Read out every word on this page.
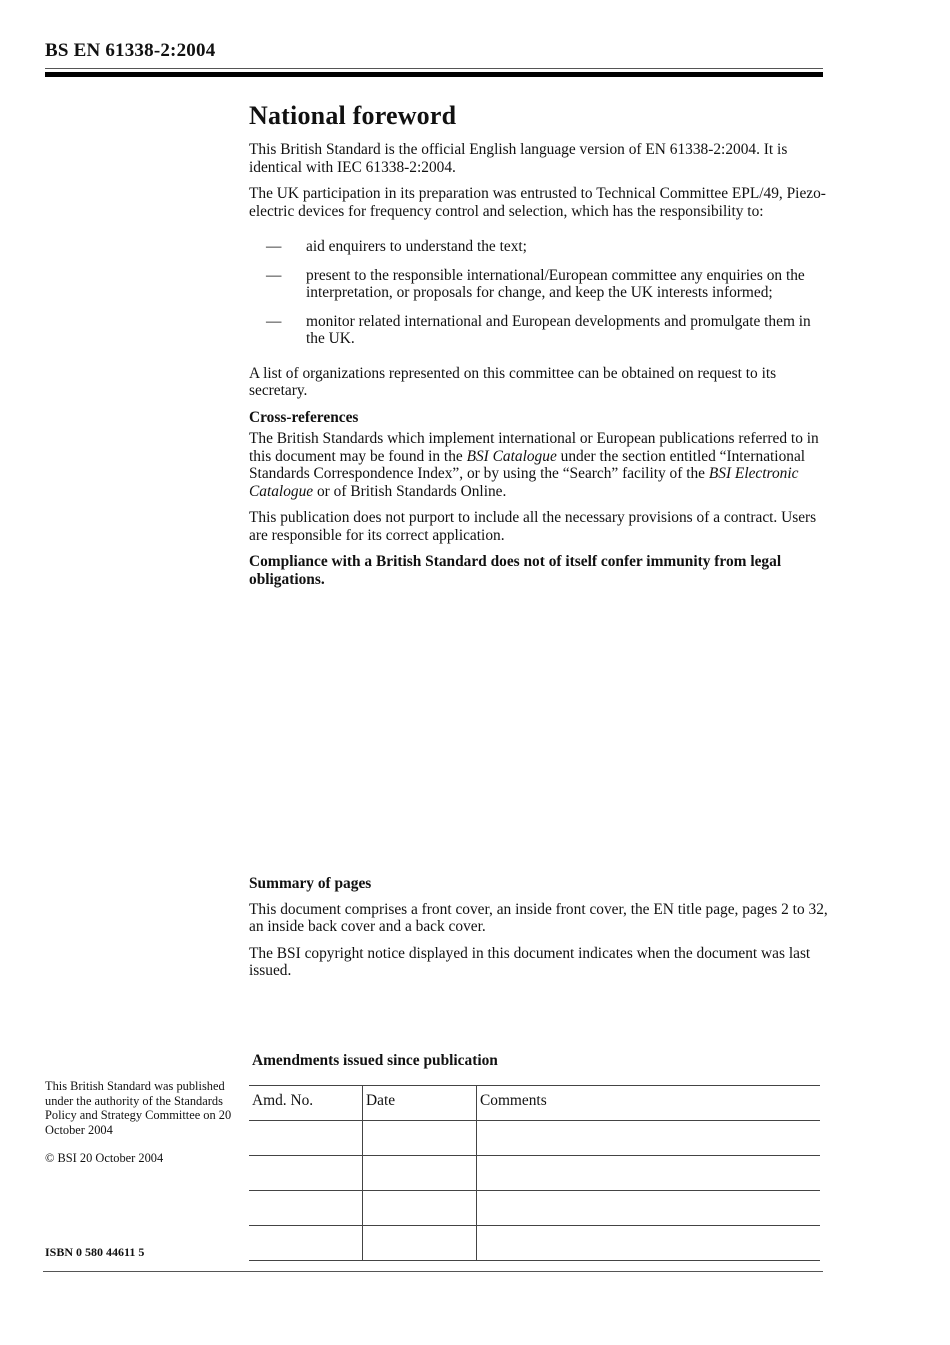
BS EN 61338-2:2004
National foreword

This British Standard is the official English language version of EN 61338-2:2004. It is identical with IEC 61338-2:2004.

The UK participation in its preparation was entrusted to Technical Committee EPL/49, Piezo-electric devices for frequency control and selection, which has the responsibility to:

— aid enquirers to understand the text;
— present to the responsible international/European committee any enquiries on the interpretation, or proposals for change, and keep the UK interests informed;
— monitor related international and European developments and promulgate them in the UK.

A list of organizations represented on this committee can be obtained on request to its secretary.

Cross-references

The British Standards which implement international or European publications referred to in this document may be found in the BSI Catalogue under the section entitled “International Standards Correspondence Index”, or by using the “Search” facility of the BSI Electronic Catalogue or of British Standards Online.

This publication does not purport to include all the necessary provisions of a contract. Users are responsible for its correct application.

Compliance with a British Standard does not of itself confer immunity from legal obligations.

Summary of pages

This document comprises a front cover, an inside front cover, the EN title page, pages 2 to 32, an inside back cover and a back cover.

The BSI copyright notice displayed in this document indicates when the document was last issued.

Amendments issued since publication
Amd. No.	Date	Comments

This British Standard was published under the authority of the Standards Policy and Strategy Committee on 20 October 2004

© BSI 20 October 2004

ISBN 0 580 44611 5
